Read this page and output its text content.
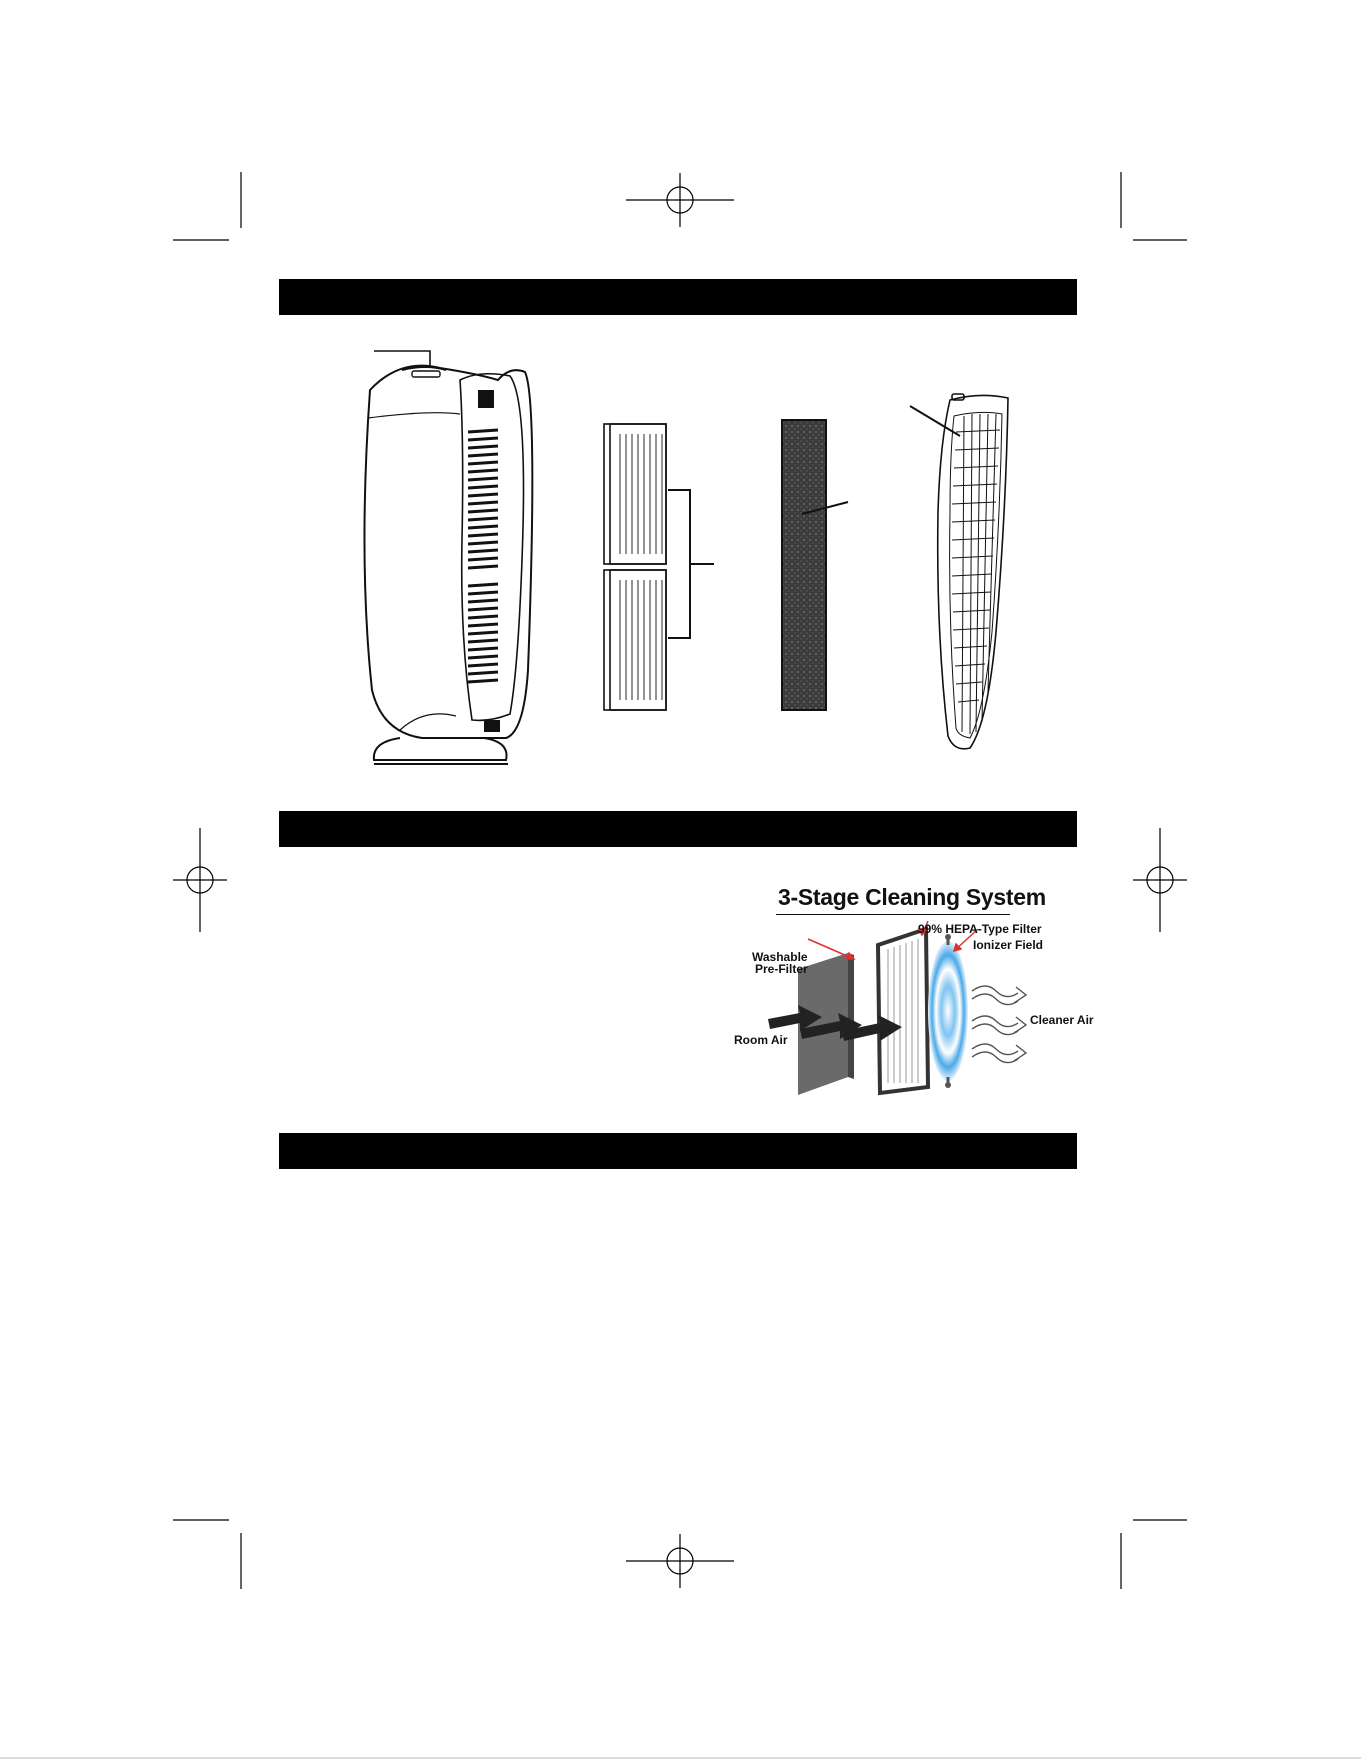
3-Stage Cleaning System
99% HEPA-Type Filter
Ionizer Field
Washable
Pre-Filter
Cleaner Air
Room Air
